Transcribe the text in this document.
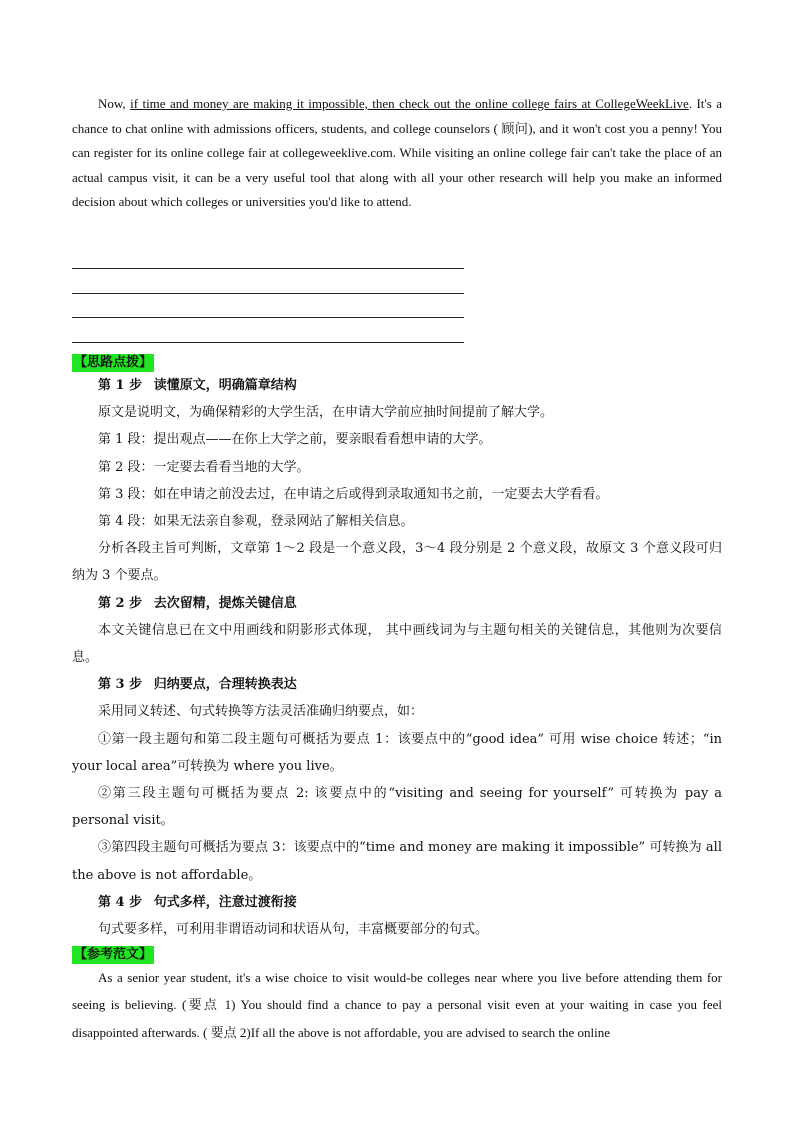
Now, if time and money are making it impossible, then check out the online college fairs at CollegeWeekLive. It's a chance to chat online with admissions officers, students, and college counselors ( 顾问), and it won't cost you a penny! You can register for its online college fair at collegeweeklive.com. While visiting an online college fair can't take the place of an actual campus visit, it can be a very useful tool that along with all your other research will help you make an informed decision about which colleges or universities you'd like to attend.

【思路点拨】

第 1 步 读懂原文，明确篇章结构

原文是说明文，为确保精彩的大学生活，在申请大学前应抽时间提前了解大学。

第 1 段：提出观点——在你上大学之前，要亲眼看看想申请的大学。

第 2 段：一定要去看看当地的大学。

第 3 段：如在申请之前没去过，在申请之后或得到录取通知书之前，一定要去大学看看。

第 4 段：如果无法亲自参观，登录网站了解相关信息。

分析各段主旨可判断，文章第 1～2 段是一个意义段，3～4 段分别是 2 个意义段，故原文 3 个意义段可归纳为 3 个要点。

第 2 步 去次留精，提炼关键信息

本文关键信息已在文中用画线和阴影形式体现， 其中画线词为与主题句相关的关键信息，其他则为次要信息。

第 3 步 归纳要点，合理转换表达

采用同义转述、句式转换等方法灵活准确归纳要点，如：

①第一段主题句和第二段主题句可概括为要点 1：该要点中的“good idea” 可用 wise choice 转述；“in your local area”可转换为 where you live。

②第三段主题句可概括为要点 2: 该要点中的“visiting and seeing for yourself” 可转换为 pay a personal visit。

③第四段主题句可概括为要点 3：该要点中的“time and money are making it impossible” 可转换为 all the above is not affordable。

第 4 步 句式多样，注意过渡衔接

句式要多样，可利用非谓语动词和状语从句，丰富概要部分的句式。

【参考范文】

As a senior year student, it's a wise choice to visit would-be colleges near where you live before attending them for seeing is believing. (要点 1) You should find a chance to pay a personal visit even at your waiting in case you feel disappointed afterwards. ( 要点 2)If all the above is not affordable, you are advised to search the online
